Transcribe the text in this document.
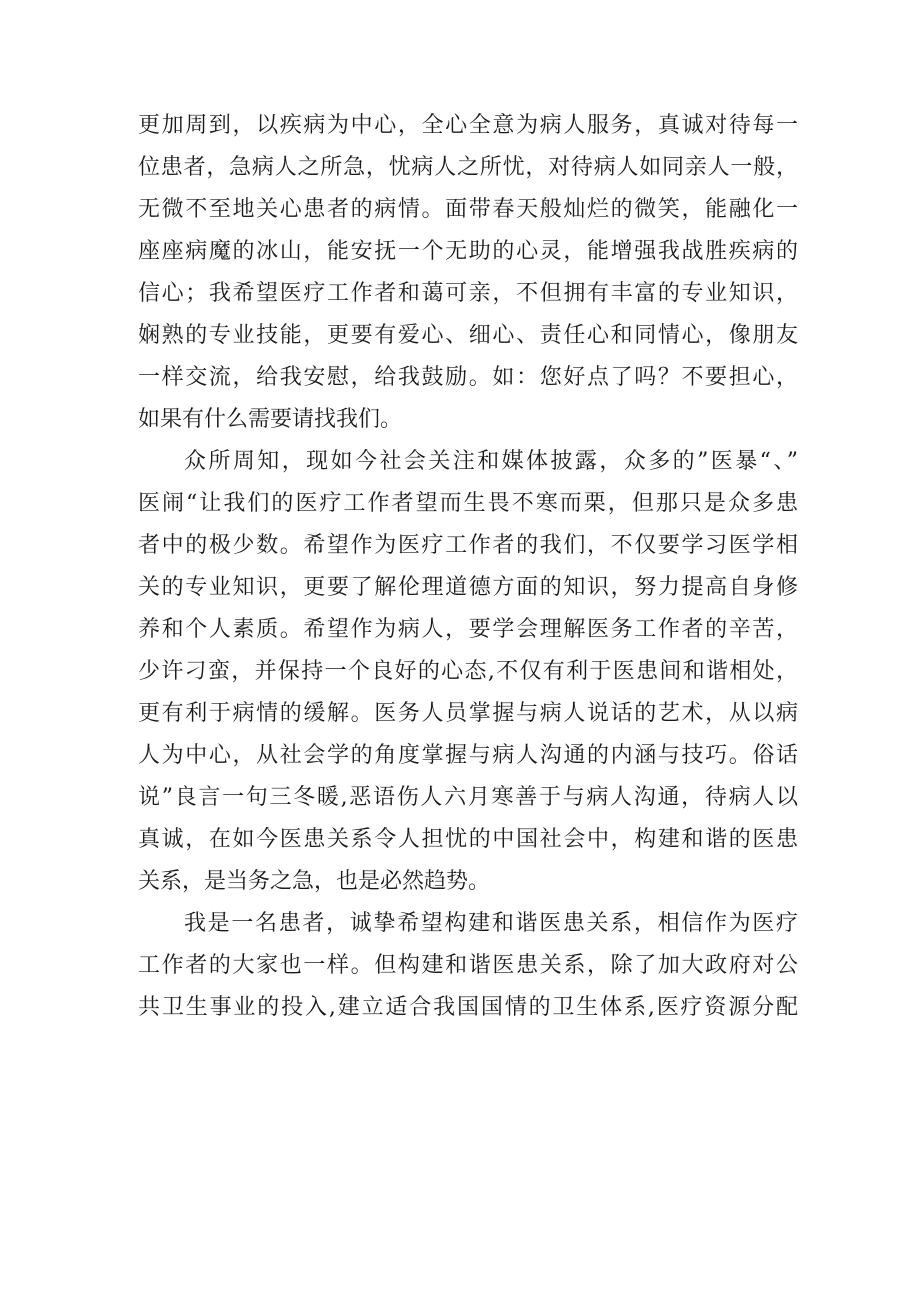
更加周到，以疾病为中心，全心全意为病人服务，真诚对待每一
位患者，急病人之所急，忧病人之所忧，对待病人如同亲人一般，
无微不至地关心患者的病情。面带春天般灿烂的微笑，能融化一
座座病魔的冰山，能安抚一个无助的心灵，能增强我战胜疾病的
信心；我希望医疗工作者和蔼可亲，不但拥有丰富的专业知识，
娴熟的专业技能，更要有爱心、细心、责任心和同情心，像朋友
一样交流，给我安慰，给我鼓励。如：您好点了吗？不要担心，
如果有什么需要请找我们。
众所周知，现如今社会关注和媒体披露，众多的”医暴“、”
医闹“让我们的医疗工作者望而生畏不寒而栗，但那只是众多患
者中的极少数。希望作为医疗工作者的我们，不仅要学习医学相
关的专业知识，更要了解伦理道德方面的知识，努力提高自身修
养和个人素质。希望作为病人，要学会理解医务工作者的辛苦，
少许刁蛮，并保持一个良好的心态,不仅有利于医患间和谐相处，
更有利于病情的缓解。医务人员掌握与病人说话的艺术，从以病
人为中心，从社会学的角度掌握与病人沟通的内涵与技巧。俗话
说”良言一句三冬暖,恶语伤人六月寒善于与病人沟通，待病人以
真诚，在如今医患关系令人担忧的中国社会中，构建和谐的医患
关系，是当务之急，也是必然趋势。
我是一名患者，诚挚希望构建和谐医患关系，相信作为医疗
工作者的大家也一样。但构建和谐医患关系，除了加大政府对公
共卫生事业的投入,建立适合我国国情的卫生体系,医疗资源分配
